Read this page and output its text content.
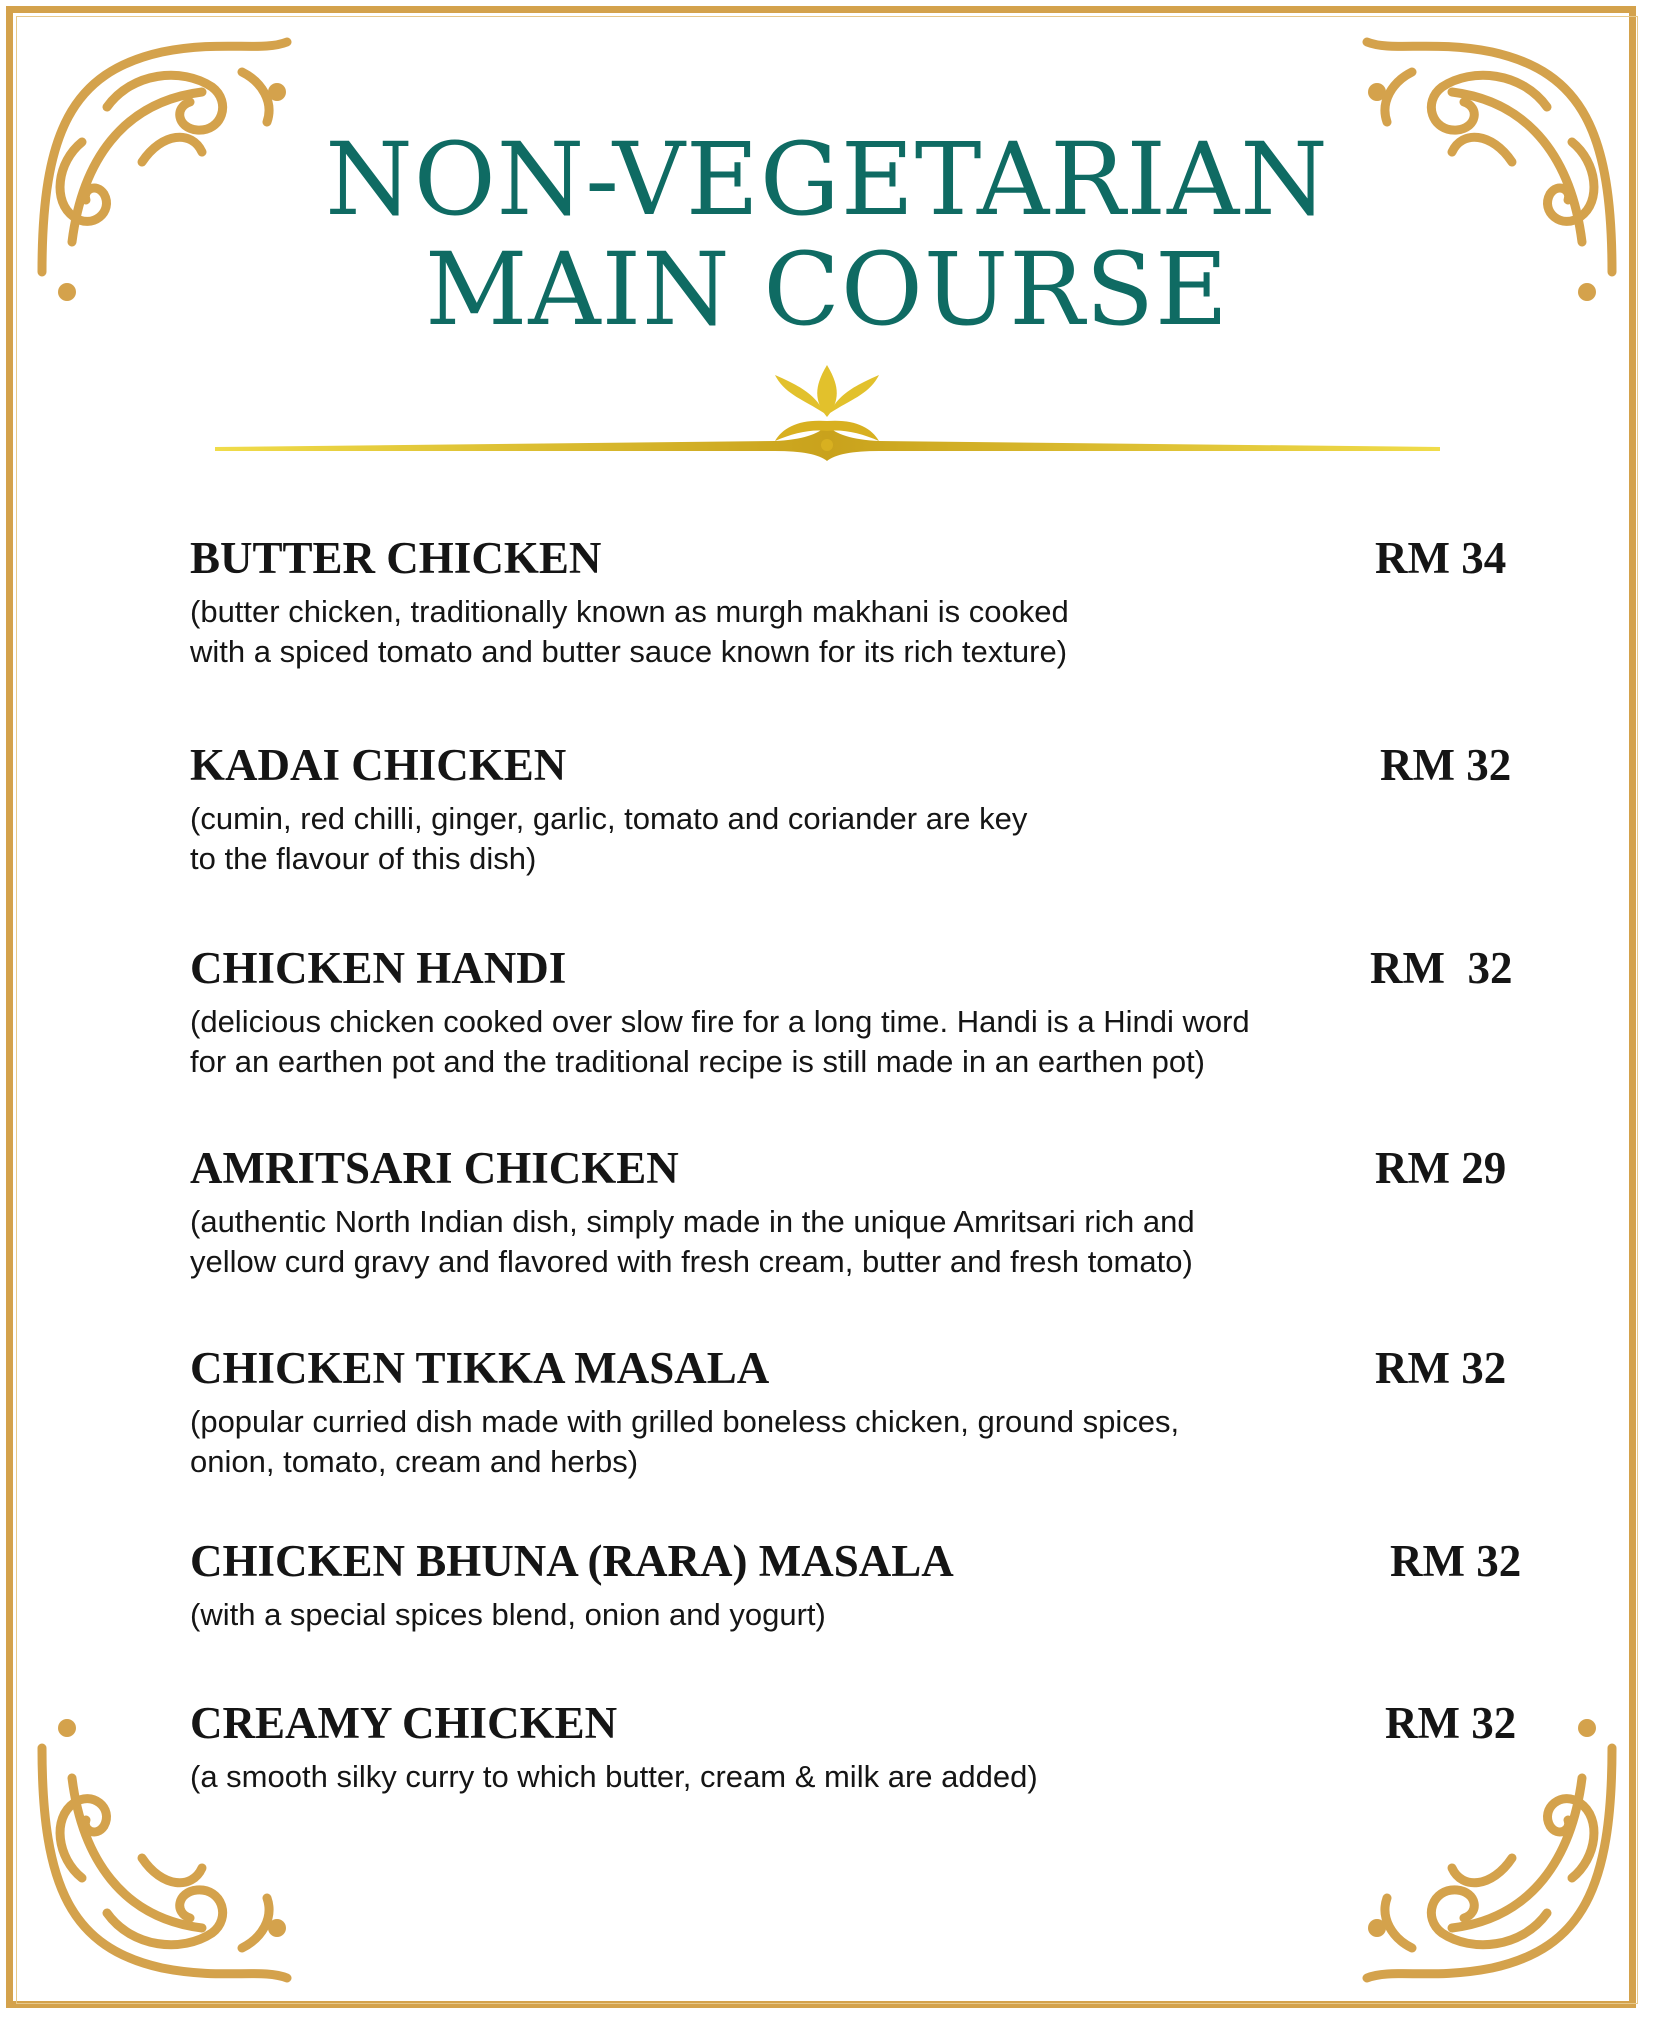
NON-VEGETARIAN
MAIN COURSE
BUTTER CHICKEN	RM 34
(butter chicken, traditionally known as murgh makhani is cooked
with a spiced tomato and butter sauce known for its rich texture)
KADAI CHICKEN	RM 32
(cumin, red chilli, ginger, garlic, tomato and coriander are key
to the flavour of this dish)
CHICKEN HANDI	RM  32
(delicious chicken cooked over slow fire for a long time. Handi is a Hindi word
for an earthen pot and the traditional recipe is still made in an earthen pot)
AMRITSARI CHICKEN	RM 29
(authentic North Indian dish, simply made in the unique Amritsari rich and
yellow curd gravy and flavored with fresh cream, butter and fresh tomato)
CHICKEN TIKKA MASALA	RM 32
(popular curried dish made with grilled boneless chicken, ground spices,
onion, tomato, cream and herbs)
CHICKEN BHUNA (RARA) MASALA	RM 32
(with a special spices blend, onion and yogurt)
CREAMY CHICKEN	RM 32
(a smooth silky curry to which butter, cream & milk are added)
